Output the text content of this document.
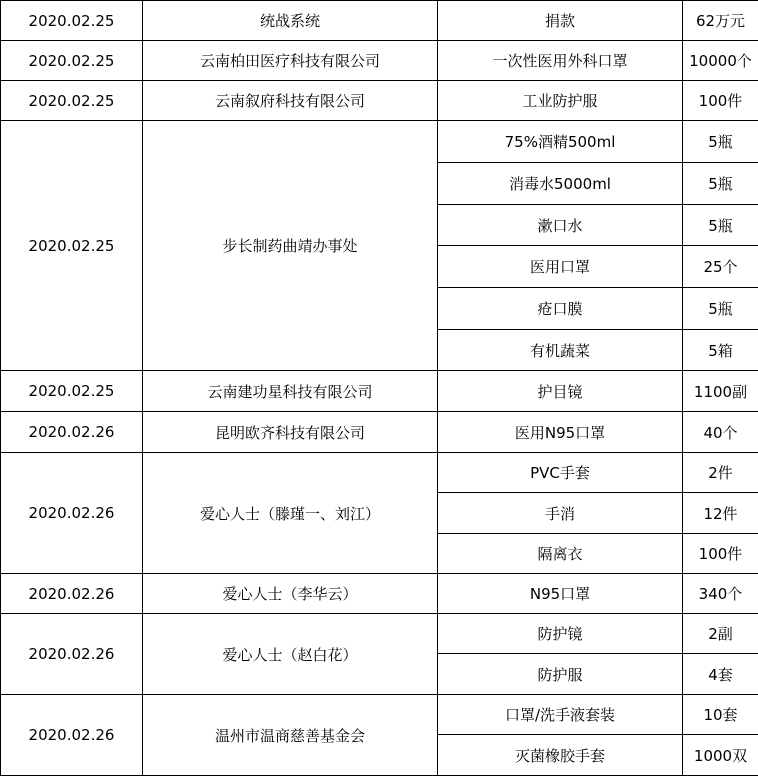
2020.02.25	统战系统	捐款	62万元
2020.02.25	云南柏田医疗科技有限公司	一次性医用外科口罩	10000个
2020.02.25	云南叙府科技有限公司	工业防护服	100件
2020.02.25	步长制药曲靖办事处	75%酒精500ml	5瓶
		消毒水5000ml	5瓶
		漱口水	5瓶
		医用口罩	25个
		疮口膜	5瓶
		有机蔬菜	5箱
2020.02.25	云南建功星科技有限公司	护目镜	1100副
2020.02.26	昆明欧齐科技有限公司	医用N95口罩	40个
2020.02.26	爱心人士（滕瑾一、刘江）	PVC手套	2件
		手消	12件
		隔离衣	100件
2020.02.26	爱心人士（李华云）	N95口罩	340个
2020.02.26	爱心人士（赵白花）	防护镜	2副
		防护服	4套
2020.02.26	温州市温商慈善基金会	口罩/洗手液套装	10套
		灭菌橡胶手套	1000双
